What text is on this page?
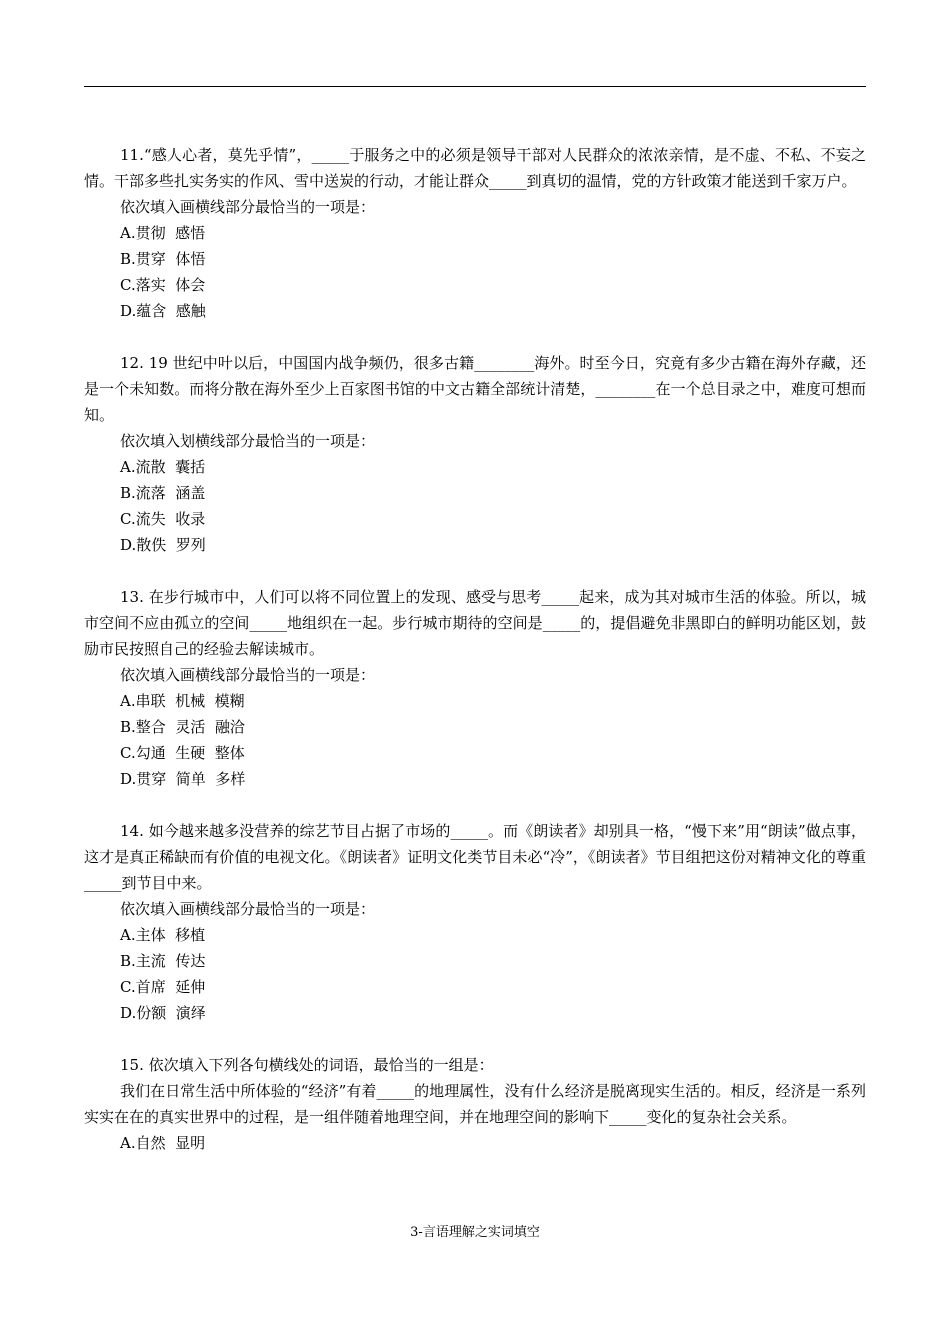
11.“感人心者，莫先乎情”，_____于服务之中的必须是领导干部对人民群众的浓浓亲情，是不虚、不私、不妄之情。干部多些扎实务实的作风、雪中送炭的行动，才能让群众_____到真切的温情，党的方针政策才能送到千家万户。

依次填入画横线部分最恰当的一项是：

A.贯彻  感悟
B.贯穿  体悟
C.落实  体会
D.蕴含  感触

12. 19 世纪中叶以后，中国国内战争频仍，很多古籍________海外。时至今日，究竟有多少古籍在海外存藏，还是一个未知数。而将分散在海外至少上百家图书馆的中文古籍全部统计清楚，________在一个总目录之中，难度可想而知。

依次填入划横线部分最恰当的一项是：

A.流散  囊括
B.流落  涵盖
C.流失  收录
D.散佚  罗列

13. 在步行城市中，人们可以将不同位置上的发现、感受与思考_____起来，成为其对城市生活的体验。所以，城市空间不应由孤立的空间_____地组织在一起。步行城市期待的空间是_____的，提倡避免非黑即白的鲜明功能区划，鼓励市民按照自己的经验去解读城市。

依次填入画横线部分最恰当的一项是：

A.串联  机械  模糊
B.整合  灵活  融洽
C.勾通  生硬  整体
D.贯穿  简单  多样

14. 如今越来越多没营养的综艺节目占据了市场的_____。而《朗读者》却别具一格，“慢下来”用“朗读”做点事，这才是真正稀缺而有价值的电视文化。《朗读者》证明文化类节目未必“冷”，《朗读者》节目组把这份对精神文化的尊重_____到节目中来。

依次填入画横线部分最恰当的一项是：

A.主体  移植
B.主流  传达
C.首席  延伸
D.份额  演绎

15. 依次填入下列各句横线处的词语，最恰当的一组是：

我们在日常生活中所体验的“经济”有着_____的地理属性，没有什么经济是脱离现实生活的。相反，经济是一系列实实在在的真实世界中的过程，是一组伴随着地理空间，并在地理空间的影响下_____变化的复杂社会关系。

A.自然  显明
3-言语理解之实词填空
